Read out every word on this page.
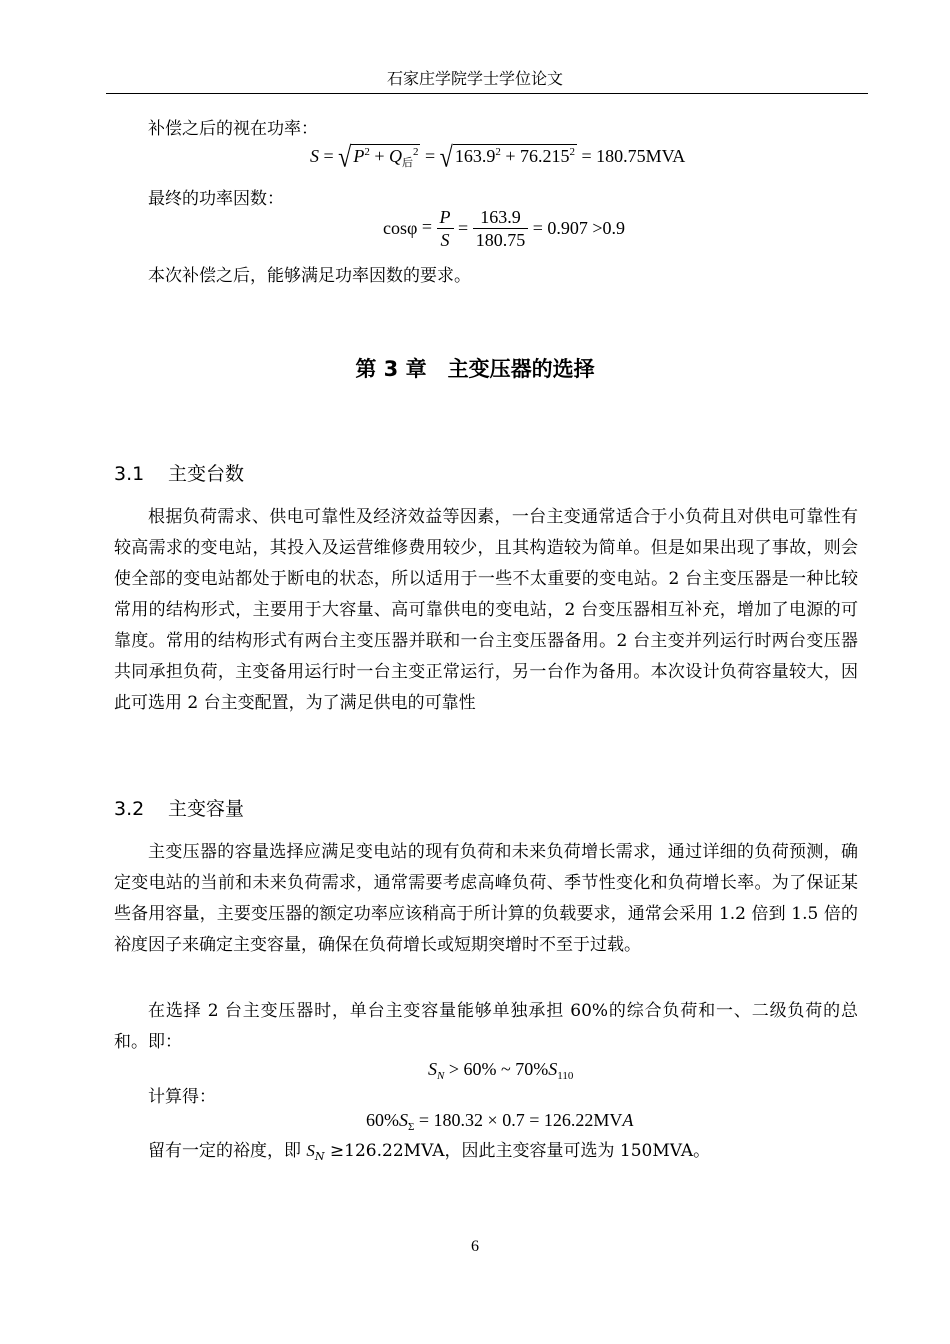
石家庄学院学士学位论文
补偿之后的视在功率：
S = √ $P^2 + Q_后^2$ = √ $163.9^2 + 76.215^2 = 180.75MVA$
最终的功率因数：
$\cos\varphi = \frac{P}{S} = \frac{163.9}{180.75} = 0.907 >0.9$
本次补偿之后，能够满足功率因数的要求。
第 3 章　主变压器的选择
3.1 主变台数
根据负荷需求、供电可靠性及经济效益等因素，一台主变通常适合于小负荷且对供电可靠性有较高需求的变电站，其投入及运营维修费用较少，且其构造较为简单。但是如果出现了事故，则会使全部的变电站都处于断电的状态，所以适用于一些不太重要的变电站。2 台主变压器是一种比较常用的结构形式，主要用于大容量、高可靠供电的变电站，2 台变压器相互补充，增加了电源的可靠度。常用的结构形式有两台主变压器并联和一台主变压器备用。2 台主变并列运行时两台变压器共同承担负荷，主变备用运行时一台主变正常运行，另一台作为备用。本次设计负荷容量较大，因此可选用 2 台主变配置，为了满足供电的可靠性
3.2 主变容量
主变压器的容量选择应满足变电站的现有负荷和未来负荷增长需求，通过详细的负荷预测，确定变电站的当前和未来负荷需求，通常需要考虑高峰负荷、季节性变化和负荷增长率。为了保证某些备用容量，主要变压器的额定功率应该稍高于所计算的负载要求，通常会采用 1.2 倍到 1.5 倍的裕度因子来确定主变容量，确保在负荷增长或短期突增时不至于过载。
在选择 2 台主变压器时，单台主变容量能够单独承担 60%的综合负荷和一、二级负荷的总和。即：
$S_N > 60\%$ ~ $70\%S_{110}$
计算得：
$60\%S_\Sigma = 180.32 \times 0.7 = 126.22MVA$
留有一定的裕度，即 $S_N \ge 126.22MVA$，因此主变容量可选为 150MVA。
6
